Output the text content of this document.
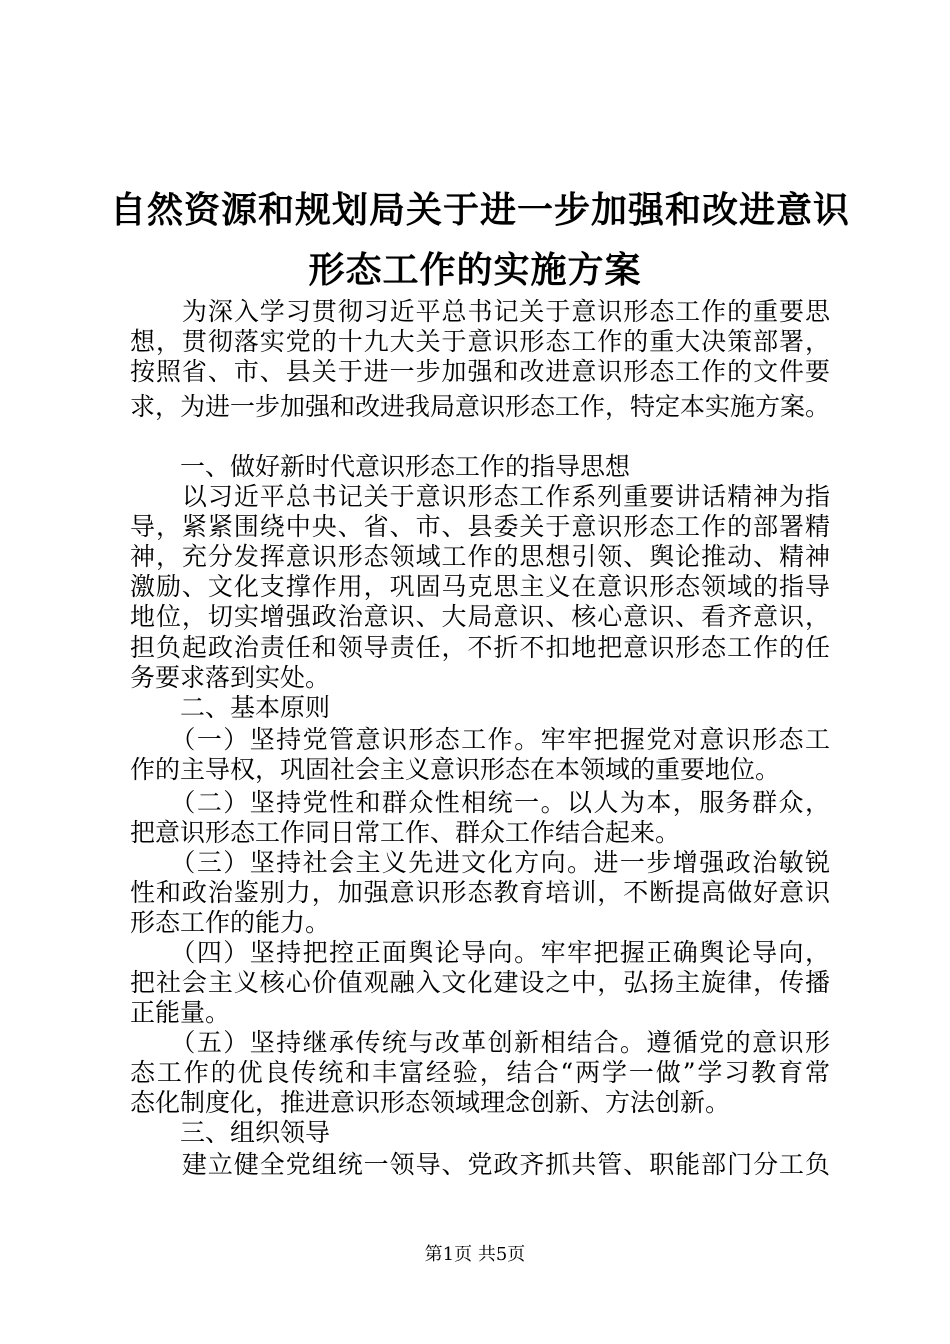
自然资源和规划局关于进一步加强和改进意识
形态工作的实施方案
　　为深入学习贯彻习近平总书记关于意识形态工作的重要思
想，贯彻落实党的十九大关于意识形态工作的重大决策部署，
按照省、市、县关于进一步加强和改进意识形态工作的文件要
求，为进一步加强和改进我局意识形态工作，特定本实施方案。
　　一、做好新时代意识形态工作的指导思想
　　以习近平总书记关于意识形态工作系列重要讲话精神为指
导，紧紧围绕中央、省、市、县委关于意识形态工作的部署精
神，充分发挥意识形态领域工作的思想引领、舆论推动、精神
激励、文化支撑作用，巩固马克思主义在意识形态领域的指导
地位，切实增强政治意识、大局意识、核心意识、看齐意识，
担负起政治责任和领导责任，不折不扣地把意识形态工作的任
务要求落到实处。
　　二、基本原则
　　（一）坚持党管意识形态工作。牢牢把握党对意识形态工
作的主导权，巩固社会主义意识形态在本领域的重要地位。
　　（二）坚持党性和群众性相统一。以人为本，服务群众，
把意识形态工作同日常工作、群众工作结合起来。
　　（三）坚持社会主义先进文化方向。进一步增强政治敏锐
性和政治鉴别力，加强意识形态教育培训，不断提高做好意识
形态工作的能力。
　　（四）坚持把控正面舆论导向。牢牢把握正确舆论导向，
把社会主义核心价值观融入文化建设之中，弘扬主旋律，传播
正能量。
　　（五）坚持继承传统与改革创新相结合。遵循党的意识形
态工作的优良传统和丰富经验，结合“两学一做”学习教育常
态化制度化，推进意识形态领域理念创新、方法创新。
　　三、组织领导
　　建立健全党组统一领导、党政齐抓共管、职能部门分工负
第1页 共5页
